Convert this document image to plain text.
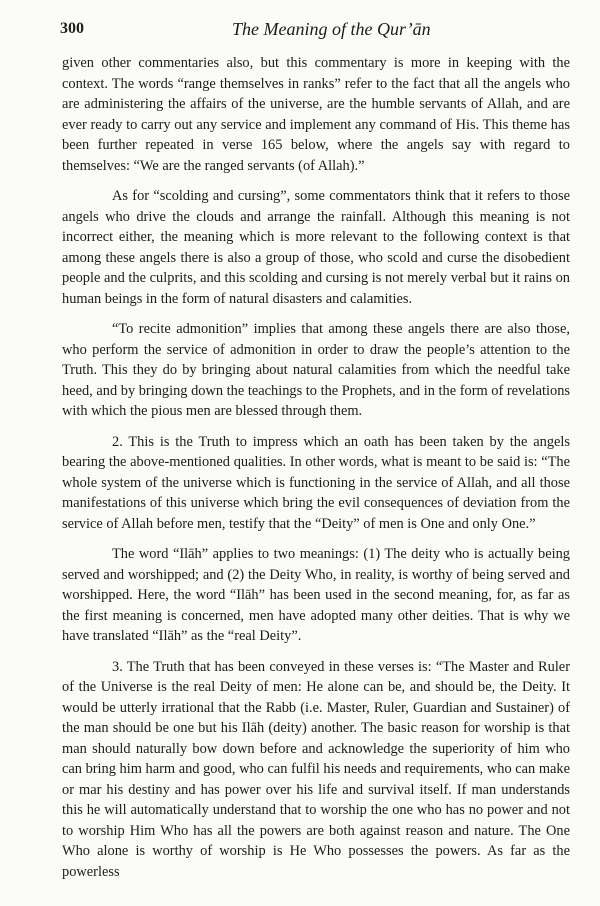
300	The Meaning of the Qur’ān

given other commentaries also, but this commentary is more in keeping with the context. The words “range themselves in ranks” refer to the fact that all the angels who are administering the affairs of the universe, are the humble servants of Allah, and are ever ready to carry out any service and implement any command of His. This theme has been further repeated in verse 165 below, where the angels say with regard to themselves: “We are the ranged servants (of Allah).”

As for “scolding and cursing”, some commentators think that it refers to those angels who drive the clouds and arrange the rainfall. Although this meaning is not incorrect either, the meaning which is more relevant to the following context is that among these angels there is also a group of those, who scold and curse the disobedient people and the culprits, and this scolding and cursing is not merely verbal but it rains on human beings in the form of natural disasters and calamities.

“To recite admonition” implies that among these angels there are also those, who perform the service of admonition in order to draw the people’s attention to the Truth. This they do by bringing about natural calamities from which the needful take heed, and by bringing down the teachings to the Prophets, and in the form of revelations with which the pious men are blessed through them.

2. This is the Truth to impress which an oath has been taken by the angels bearing the above-mentioned qualities. In other words, what is meant to be said is: “The whole system of the universe which is functioning in the service of Allah, and all those manifestations of this universe which bring the evil consequences of deviation from the service of Allah before men, testify that the “Deity” of men is One and only One.”

The word “Ilāh” applies to two meanings: (1) The deity who is actually being served and worshipped; and (2) the Deity Who, in reality, is worthy of being served and worshipped. Here, the word “Ilāh” has been used in the second meaning, for, as far as the first meaning is concerned, men have adopted many other deities. That is why we have translated “Ilāh” as the “real Deity”.

3. The Truth that has been conveyed in these verses is: “The Master and Ruler of the Universe is the real Deity of men: He alone can be, and should be, the Deity. It would be utterly irrational that the Rabb (i.e. Master, Ruler, Guardian and Sustainer) of the man should be one but his Ilāh (deity) another. The basic reason for worship is that man should naturally bow down before and acknowledge the superiority of him who can bring him harm and good, who can fulfil his needs and requirements, who can make or mar his destiny and has power over his life and survival itself. If man understands this he will automatically understand that to worship the one who has no power and not to worship Him Who has all the powers are both against reason and nature. The One Who alone is worthy of worship is He Who possesses the powers. As far as the powerless
